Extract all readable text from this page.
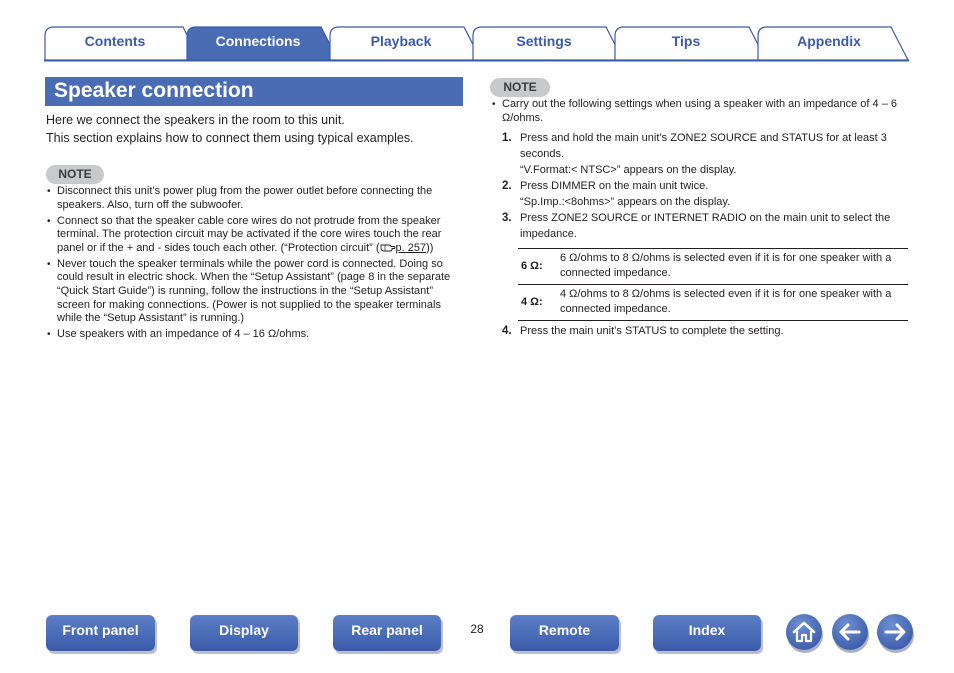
Contents	Connections	Playback	Settings	Tips	Appendix
Speaker connection
Here we connect the speakers in the room to this unit.
This section explains how to connect them using typical examples.
NOTE
• Disconnect this unit’s power plug from the power outlet before connecting the speakers. Also, turn off the subwoofer.
• Connect so that the speaker cable core wires do not protrude from the speaker terminal. The protection circuit may be activated if the core wires touch the rear panel or if the + and - sides touch each other. (“Protection circuit” ( p. 257))
• Never touch the speaker terminals while the power cord is connected. Doing so could result in electric shock. When the “Setup Assistant” (page 8 in the separate “Quick Start Guide”) is running, follow the instructions in the “Setup Assistant” screen for making connections. (Power is not supplied to the speaker terminals while the “Setup Assistant” is running.)
• Use speakers with an impedance of 4 – 16 Ω/ohms.
NOTE
• Carry out the following settings when using a speaker with an impedance of 4 – 6 Ω/ohms.
1. Press and hold the main unit’s ZONE2 SOURCE and STATUS for at least 3 seconds.
“V.Format:< NTSC>” appears on the display.
2. Press DIMMER on the main unit twice.
“Sp.Imp.:<8ohms>” appears on the display.
3. Press ZONE2 SOURCE or INTERNET RADIO on the main unit to select the impedance.
6 Ω:	6 Ω/ohms to 8 Ω/ohms is selected even if it is for one speaker with a connected impedance.
4 Ω:	4 Ω/ohms to 8 Ω/ohms is selected even if it is for one speaker with a connected impedance.
4. Press the main unit’s STATUS to complete the setting.
Front panel	Display	Rear panel	28	Remote	Index
